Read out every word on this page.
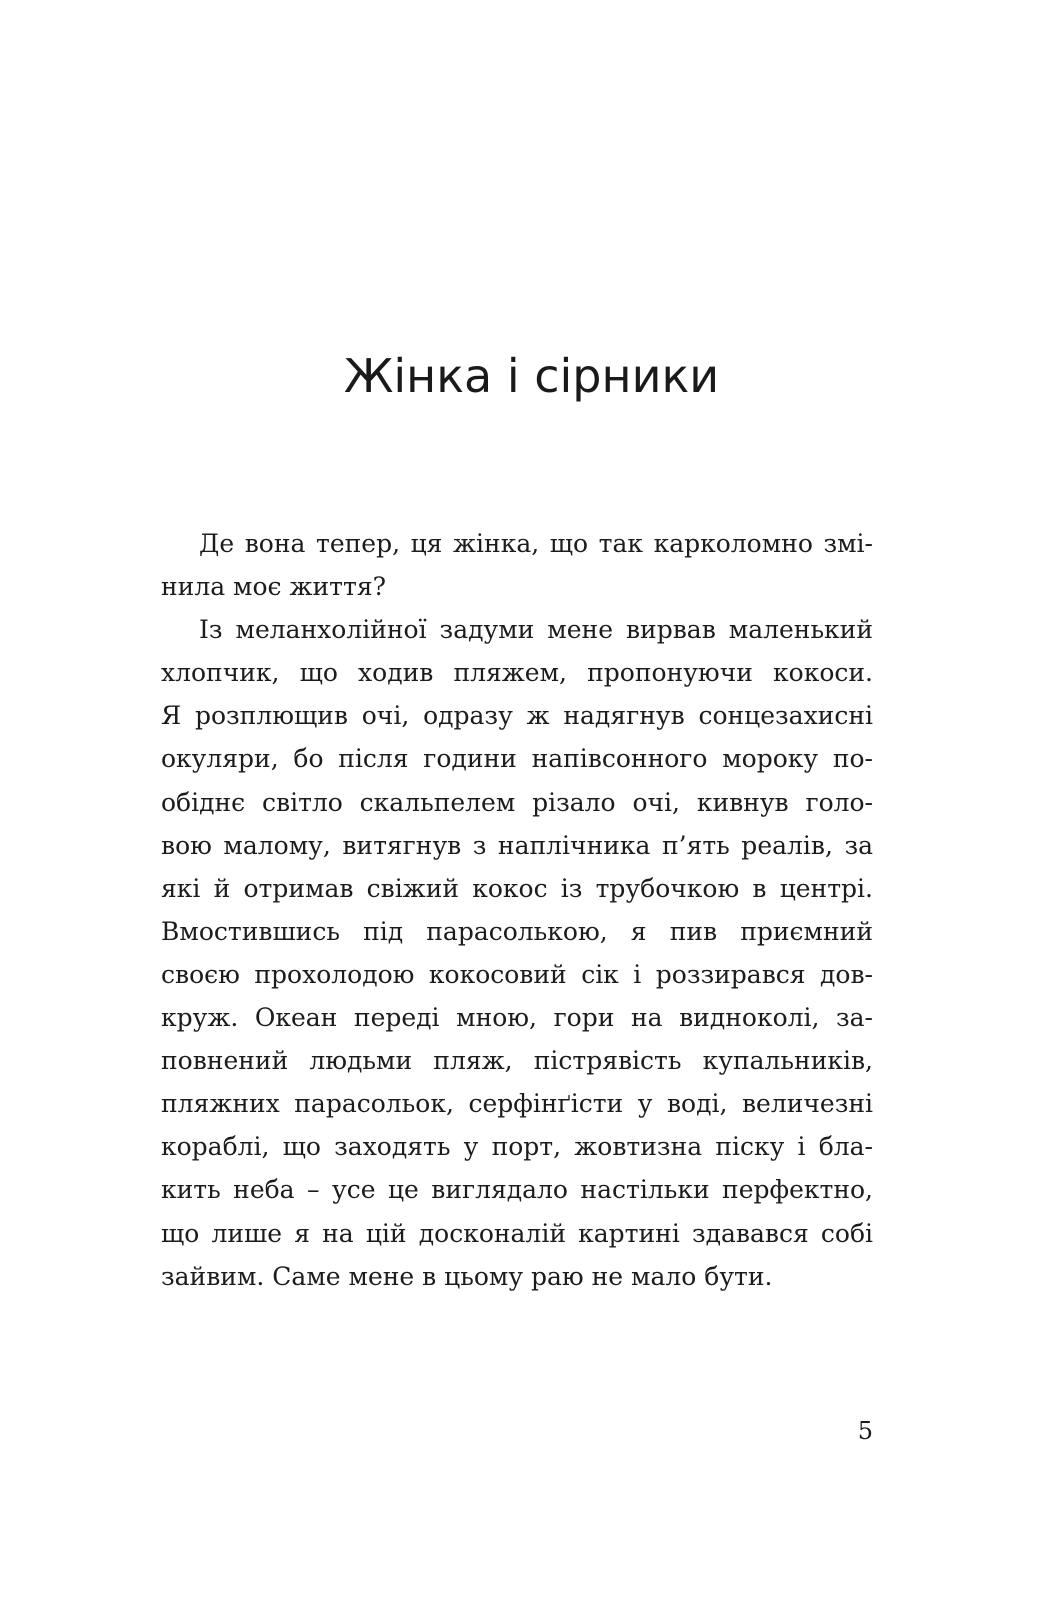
Жінка і сірники
Де вона тепер, ця жінка, що так карколомно змі-
нила моє життя?
Із меланхолійної задуми мене вирвав маленький
хлопчик, що ходив пляжем, пропонуючи кокоси.
Я розплющив очі, одразу ж надягнув сонцезахисні
окуляри, бо після години напівсонного мороку по-
обіднє світло скальпелем різало очі, кивнув голо-
вою малому, витягнув з наплічника п’ять реалів, за
які й отримав свіжий кокос із трубочкою в центрі.
Вмостившись під парасолькою, я пив приємний
своєю прохолодою кокосовий сік і роззирався дов-
круж. Океан переді мною, гори на видноколі, за-
повнений людьми пляж, пістрявість купальників,
пляжних парасольок, серфінґісти у воді, величезні
кораблі, що заходять у порт, жовтизна піску і бла-
кить неба – усе це виглядало настільки перфектно,
що лише я на цій досконалій картині здавався собі
зайвим. Саме мене в цьому раю не мало бути.
5
